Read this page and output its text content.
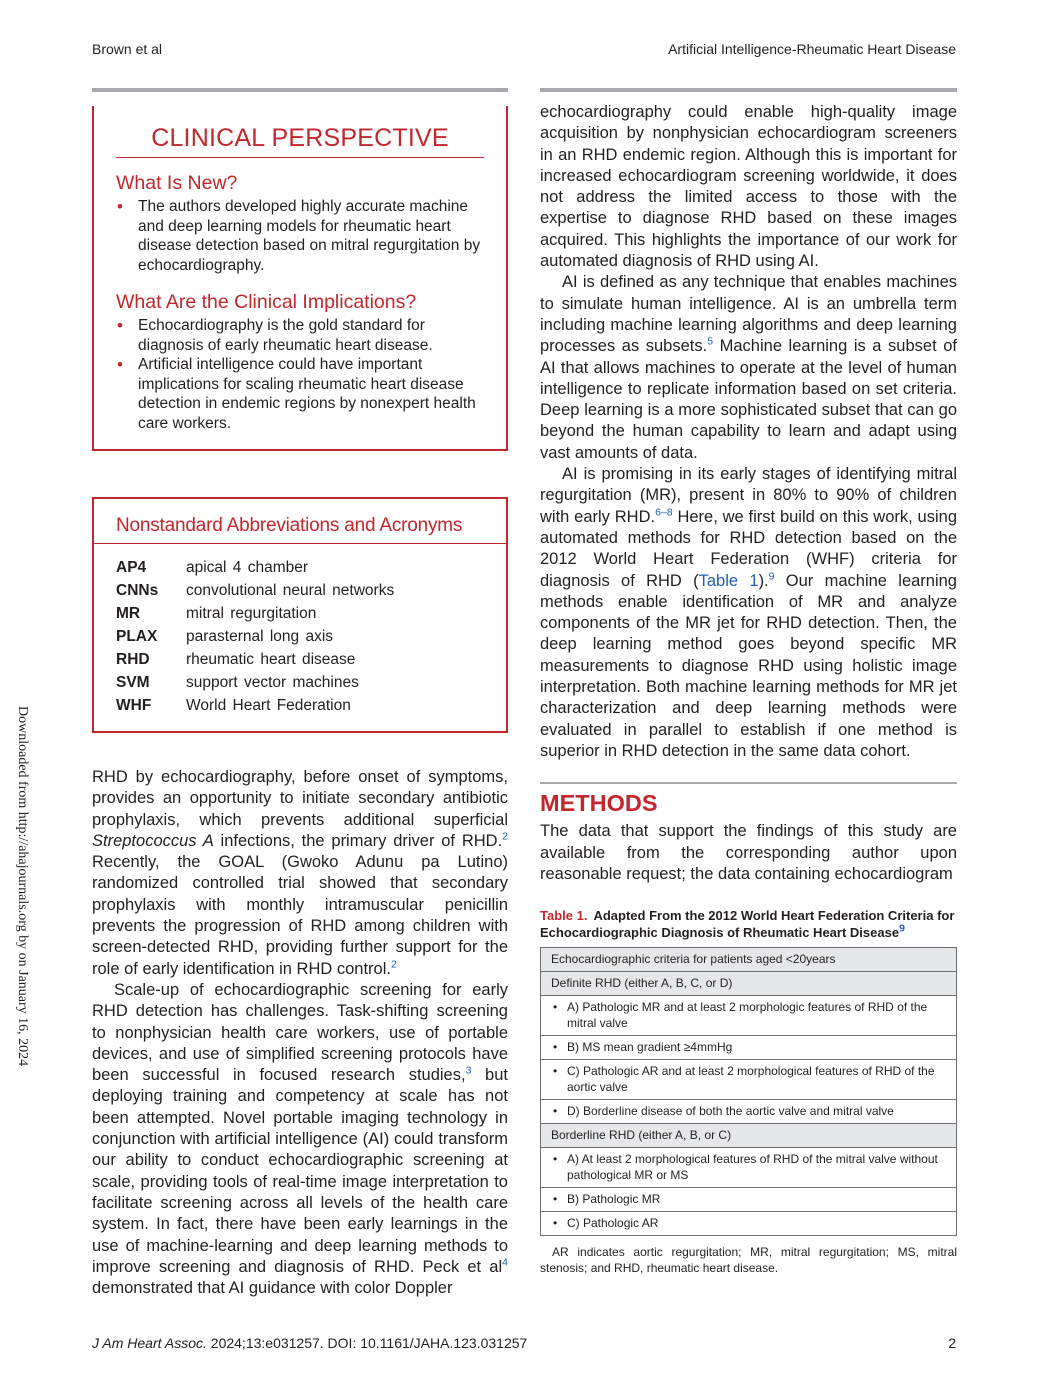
Brown et al	Artificial Intelligence-Rheumatic Heart Disease
Downloaded from http://ahajournals.org by on January 16, 2024
CLINICAL PERSPECTIVE
What Is New?
• The authors developed highly accurate machine and deep learning models for rheumatic heart disease detection based on mitral regurgitation by echocardiography.
What Are the Clinical Implications?
• Echocardiography is the gold standard for diagnosis of early rheumatic heart disease.
• Artificial intelligence could have important implications for scaling rheumatic heart disease detection in endemic regions by nonexpert health care workers.
Nonstandard Abbreviations and Acronyms
AP4	apical 4 chamber
CNNs	convolutional neural networks
MR	mitral regurgitation
PLAX	parasternal long axis
RHD	rheumatic heart disease
SVM	support vector machines
WHF	World Heart Federation

RHD by echocardiography, before onset of symptoms, provides an opportunity to initiate secondary antibiotic prophylaxis, which prevents additional superficial Streptococcus A infections, the primary driver of RHD.$^2$ Recently, the GOAL (Gwoko Adunu pa Lutino) randomized controlled trial showed that secondary prophylaxis with monthly intramuscular penicillin prevents the progression of RHD among children with screen-detected RHD, providing further support for the role of early identification in RHD control.$^2$

Scale-up of echocardiographic screening for early RHD detection has challenges. Task-shifting screening to nonphysician health care workers, use of portable devices, and use of simplified screening protocols have been successful in focused research studies,$^3$ but deploying training and competency at scale has not been attempted. Novel portable imaging technology in conjunction with artificial intelligence (AI) could transform our ability to conduct echocardiographic screening at scale, providing tools of real-time image interpretation to facilitate screening across all levels of the health care system. In fact, there have been early learnings in the use of machine-learning and deep learning methods to improve screening and diagnosis of RHD. Peck et al$^4$ demonstrated that AI guidance with color Doppler

echocardiography could enable high-quality image acquisition by nonphysician echocardiogram screeners in an RHD endemic region. Although this is important for increased echocardiogram screening worldwide, it does not address the limited access to those with the expertise to diagnose RHD based on these images acquired. This highlights the importance of our work for automated diagnosis of RHD using AI.

AI is defined as any technique that enables machines to simulate human intelligence. AI is an umbrella term including machine learning algorithms and deep learning processes as subsets.$^5$ Machine learning is a subset of AI that allows machines to operate at the level of human intelligence to replicate information based on set criteria. Deep learning is a more sophisticated subset that can go beyond the human capability to learn and adapt using vast amounts of data.

AI is promising in its early stages of identifying mitral regurgitation (MR), present in 80% to 90% of children with early RHD.$^{6-8}$ Here, we first build on this work, using automated methods for RHD detection based on the 2012 World Heart Federation (WHF) criteria for diagnosis of RHD (Table 1).$^9$ Our machine learning methods enable identification of MR and analyze components of the MR jet for RHD detection. Then, the deep learning method goes beyond specific MR measurements to diagnose RHD using holistic image interpretation. Both machine learning methods for MR jet characterization and deep learning methods were evaluated in parallel to establish if one method is superior in RHD detection in the same data cohort.

METHODS

The data that support the findings of this study are available from the corresponding author upon reasonable request; the data containing echocardiogram

Table 1. Adapted From the 2012 World Heart Federation Criteria for Echocardiographic Diagnosis of Rheumatic Heart Disease$^9$
Echocardiographic criteria for patients aged <20years
Definite RHD (either A, B, C, or D)
• A) Pathologic MR and at least 2 morphologic features of RHD of the mitral valve
• B) MS mean gradient ≥4mmHg
• C) Pathologic AR and at least 2 morphological features of RHD of the aortic valve
• D) Borderline disease of both the aortic valve and mitral valve
Borderline RHD (either A, B, or C)
• A) At least 2 morphological features of RHD of the mitral valve without pathological MR or MS
• B) Pathologic MR
• C) Pathologic AR
AR indicates aortic regurgitation; MR, mitral regurgitation; MS, mitral stenosis; and RHD, rheumatic heart disease.
J Am Heart Assoc. 2024;13:e031257. DOI: 10.1161/JAHA.123.031257	2
